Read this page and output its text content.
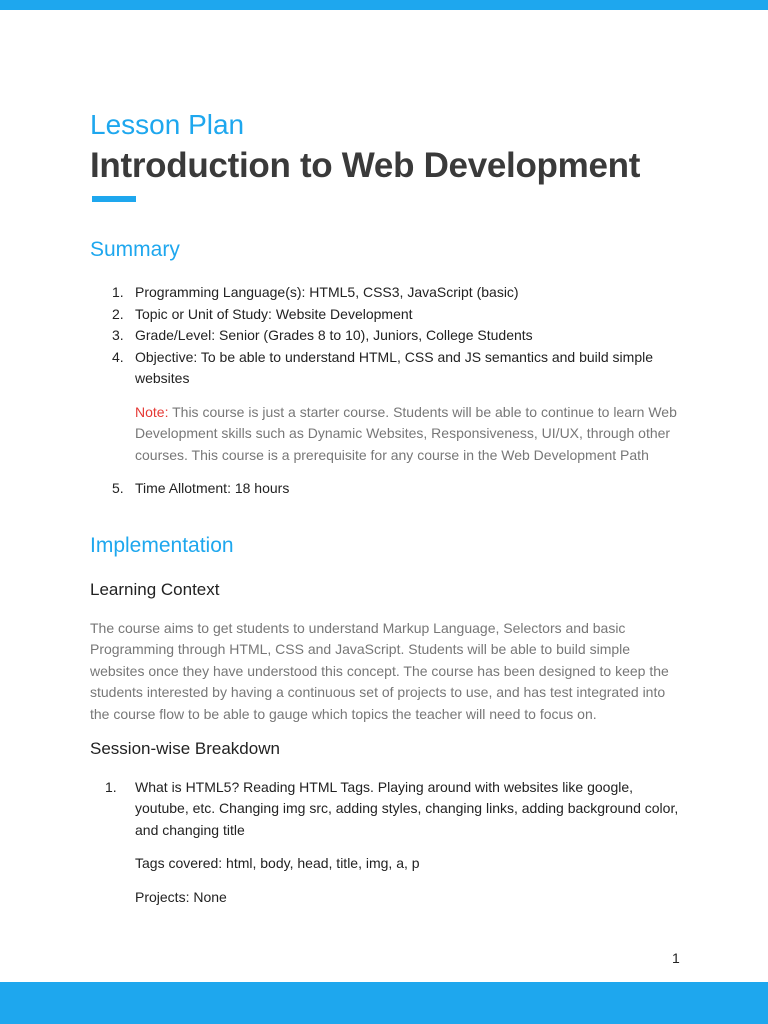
Lesson Plan
Introduction to Web Development
Summary
1. Programming Language(s): HTML5, CSS3, JavaScript (basic)
2. Topic or Unit of Study: Website Development
3. Grade/Level: Senior (Grades 8 to 10), Juniors, College Students
4. Objective: To be able to understand HTML, CSS and JS semantics and build simple websites
Note: This course is just a starter course. Students will be able to continue to learn Web Development skills such as Dynamic Websites, Responsiveness, UI/UX, through other courses. This course is a prerequisite for any course in the Web Development Path
5. Time Allotment: 18 hours
Implementation
Learning Context
The course aims to get students to understand Markup Language, Selectors and basic Programming through HTML, CSS and JavaScript. Students will be able to build simple websites once they have understood this concept. The course has been designed to keep the students interested by having a continuous set of projects to use, and has test integrated into the course flow to be able to gauge which topics the teacher will need to focus on.
Session-wise Breakdown
1.	What is HTML5? Reading HTML Tags. Playing around with websites like google, youtube, etc. Changing img src, adding styles, changing links, adding background color, and changing title
Tags covered: html, body, head, title, img, a, p
Projects: None
1
